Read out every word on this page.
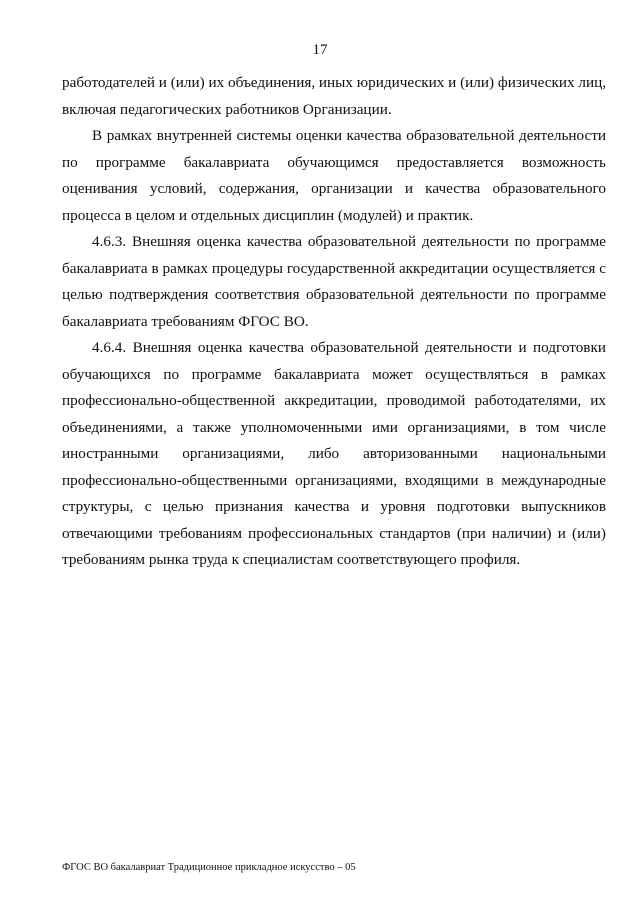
17

работодателей и (или) их объединения, иных юридических и (или) физических лиц, включая педагогических работников Организации.

В рамках внутренней системы оценки качества образовательной деятельности по программе бакалавриата обучающимся предоставляется возможность оценивания условий, содержания, организации и качества образовательного процесса в целом и отдельных дисциплин (модулей) и практик.

4.6.3. Внешняя оценка качества образовательной деятельности по программе бакалавриата в рамках процедуры государственной аккредитации осуществляется с целью подтверждения соответствия образовательной деятельности по программе бакалавриата требованиям ФГОС ВО.

4.6.4. Внешняя оценка качества образовательной деятельности и подготовки обучающихся по программе бакалавриата может осуществляться в рамках профессионально-общественной аккредитации, проводимой работодателями, их объединениями, а также уполномоченными ими организациями, в том числе иностранными организациями, либо авторизованными национальными профессионально-общественными организациями, входящими в международные структуры, с целью признания качества и уровня подготовки выпускников отвечающими требованиям профессиональных стандартов (при наличии) и (или) требованиям рынка труда к специалистам соответствующего профиля.

ФГОС ВО бакалавриат Традиционное прикладное искусство – 05
